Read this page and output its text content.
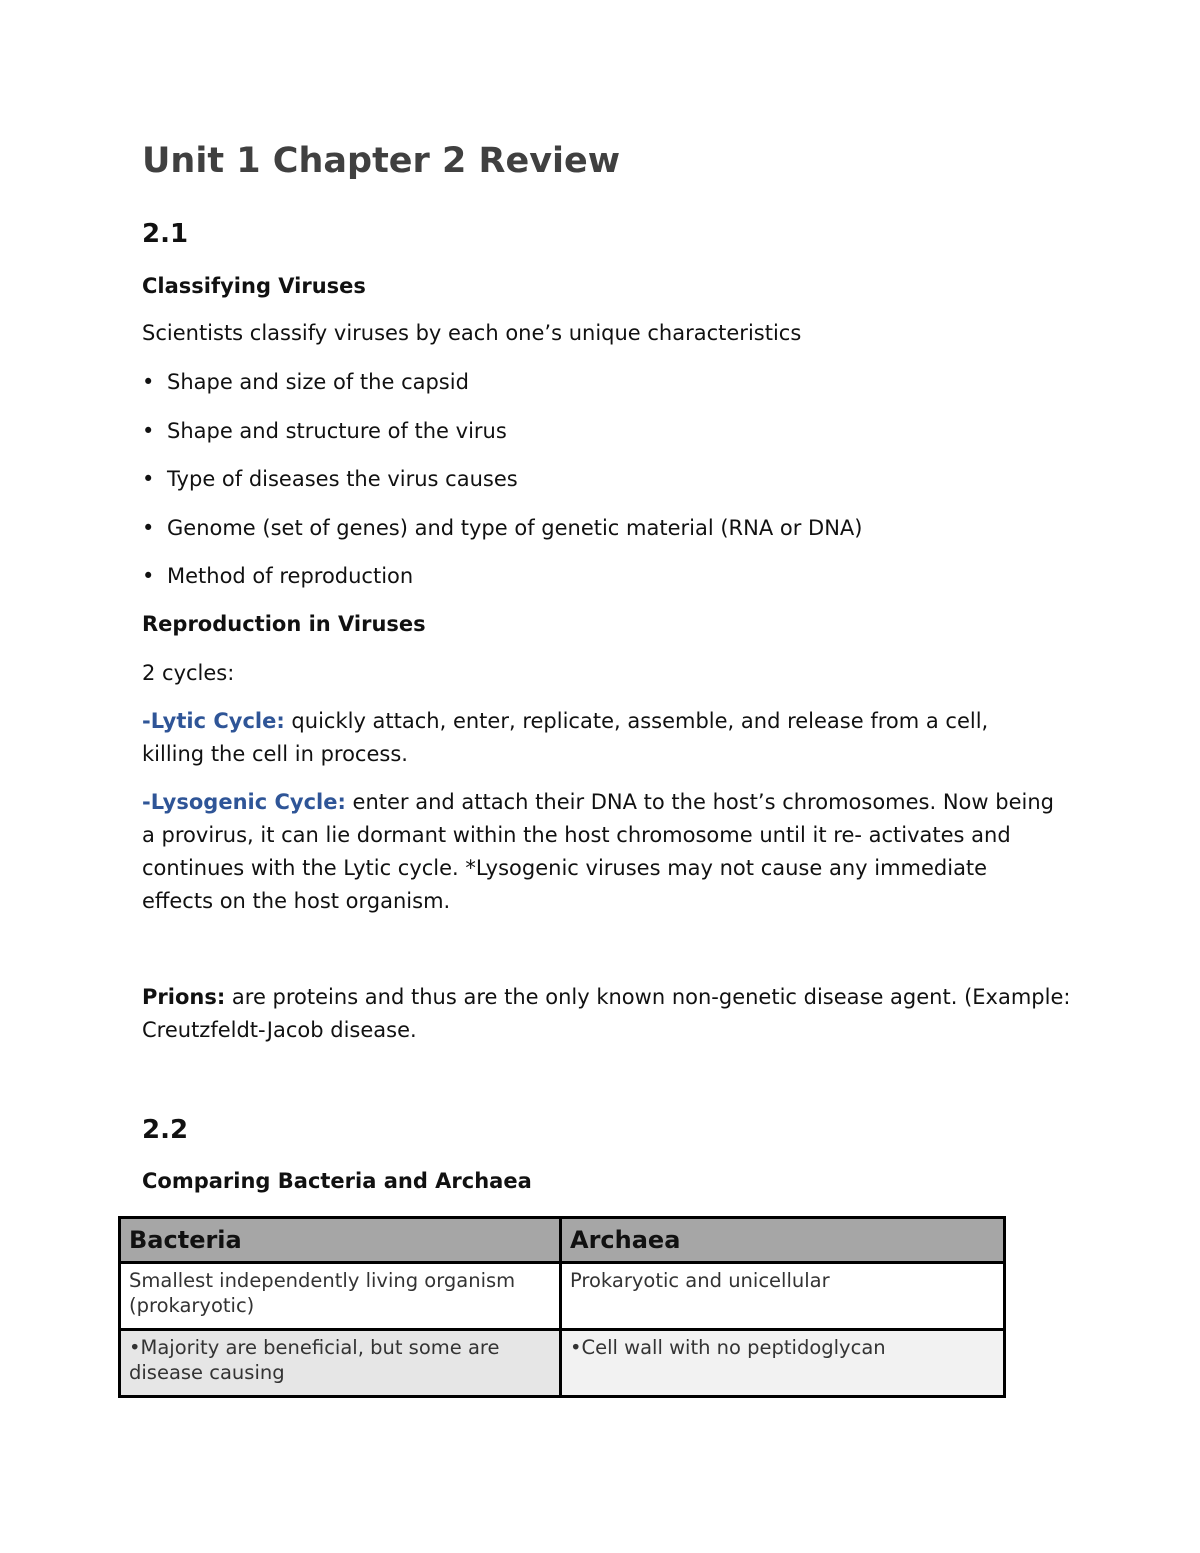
Unit 1 Chapter 2 Review
2.1
Classifying Viruses

Scientists classify viruses by each one’s unique characteristics

• Shape and size of the capsid
• Shape and structure of the virus
• Type of diseases the virus causes
• Genome (set of genes) and type of genetic material (RNA or DNA)
• Method of reproduction
Reproduction in Viruses

2 cycles:

-Lytic Cycle: quickly attach, enter, replicate, assemble, and release from a cell, killing the cell in process.

-Lysogenic Cycle: enter and attach their DNA to the host’s chromosomes. Now being a provirus, it can lie dormant within the host chromosome until it re- activates and continues with the Lytic cycle. *Lysogenic viruses may not cause any immediate effects on the host organism.

Prions: are proteins and thus are the only known non-genetic disease agent. (Example: Creutzfeldt-Jacob disease.

2.2
Comparing Bacteria and Archaea
Bacteria	Archaea
Smallest independently living organism (prokaryotic)	Prokaryotic and unicellular
•Majority are beneficial, but some are disease causing	•Cell wall with no peptidoglycan
